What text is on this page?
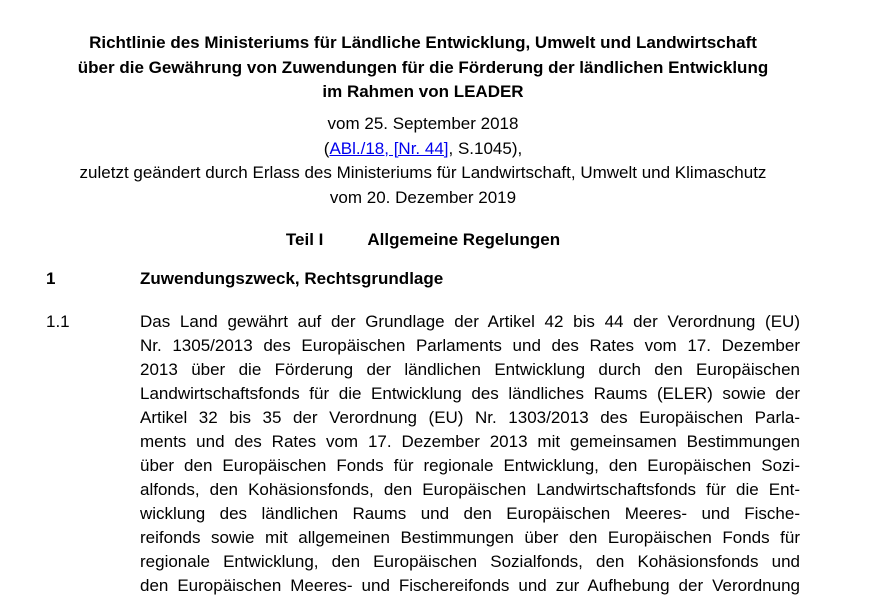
Richtlinie des Ministeriums für Ländliche Entwicklung, Umwelt und Landwirtschaft
über die Gewährung von Zuwendungen für die Förderung der ländlichen Entwicklung
im Rahmen von LEADER
vom 25. September 2018
(ABl./18, [Nr. 44], S.1045),
zuletzt geändert durch Erlass des Ministeriums für Landwirtschaft, Umwelt und Klimaschutz
vom 20. Dezember 2019
Teil I	Allgemeine Regelungen
1	Zuwendungszweck, Rechtsgrundlage
1.1	Das Land gewährt auf der Grundlage der Artikel 42 bis 44 der Verordnung (EU)
Nr. 1305/2013 des Europäischen Parlaments und des Rates vom 17. Dezember
2013 über die Förderung der ländlichen Entwicklung durch den Europäischen
Landwirtschaftsfonds für die Entwicklung des ländliches Raums (ELER) sowie der
Artikel 32 bis 35 der Verordnung (EU) Nr. 1303/2013 des Europäischen Parla-
ments und des Rates vom 17. Dezember 2013 mit gemeinsamen Bestimmungen
über den Europäischen Fonds für regionale Entwicklung, den Europäischen Sozi-
alfonds, den Kohäsionsfonds, den Europäischen Landwirtschaftsfonds für die Ent-
wicklung des ländlichen Raums und den Europäischen Meeres- und Fische-
reifonds sowie mit allgemeinen Bestimmungen über den Europäischen Fonds für
regionale Entwicklung, den Europäischen Sozialfonds, den Kohäsionsfonds und
den Europäischen Meeres- und Fischereifonds und zur Aufhebung der Verordnung
